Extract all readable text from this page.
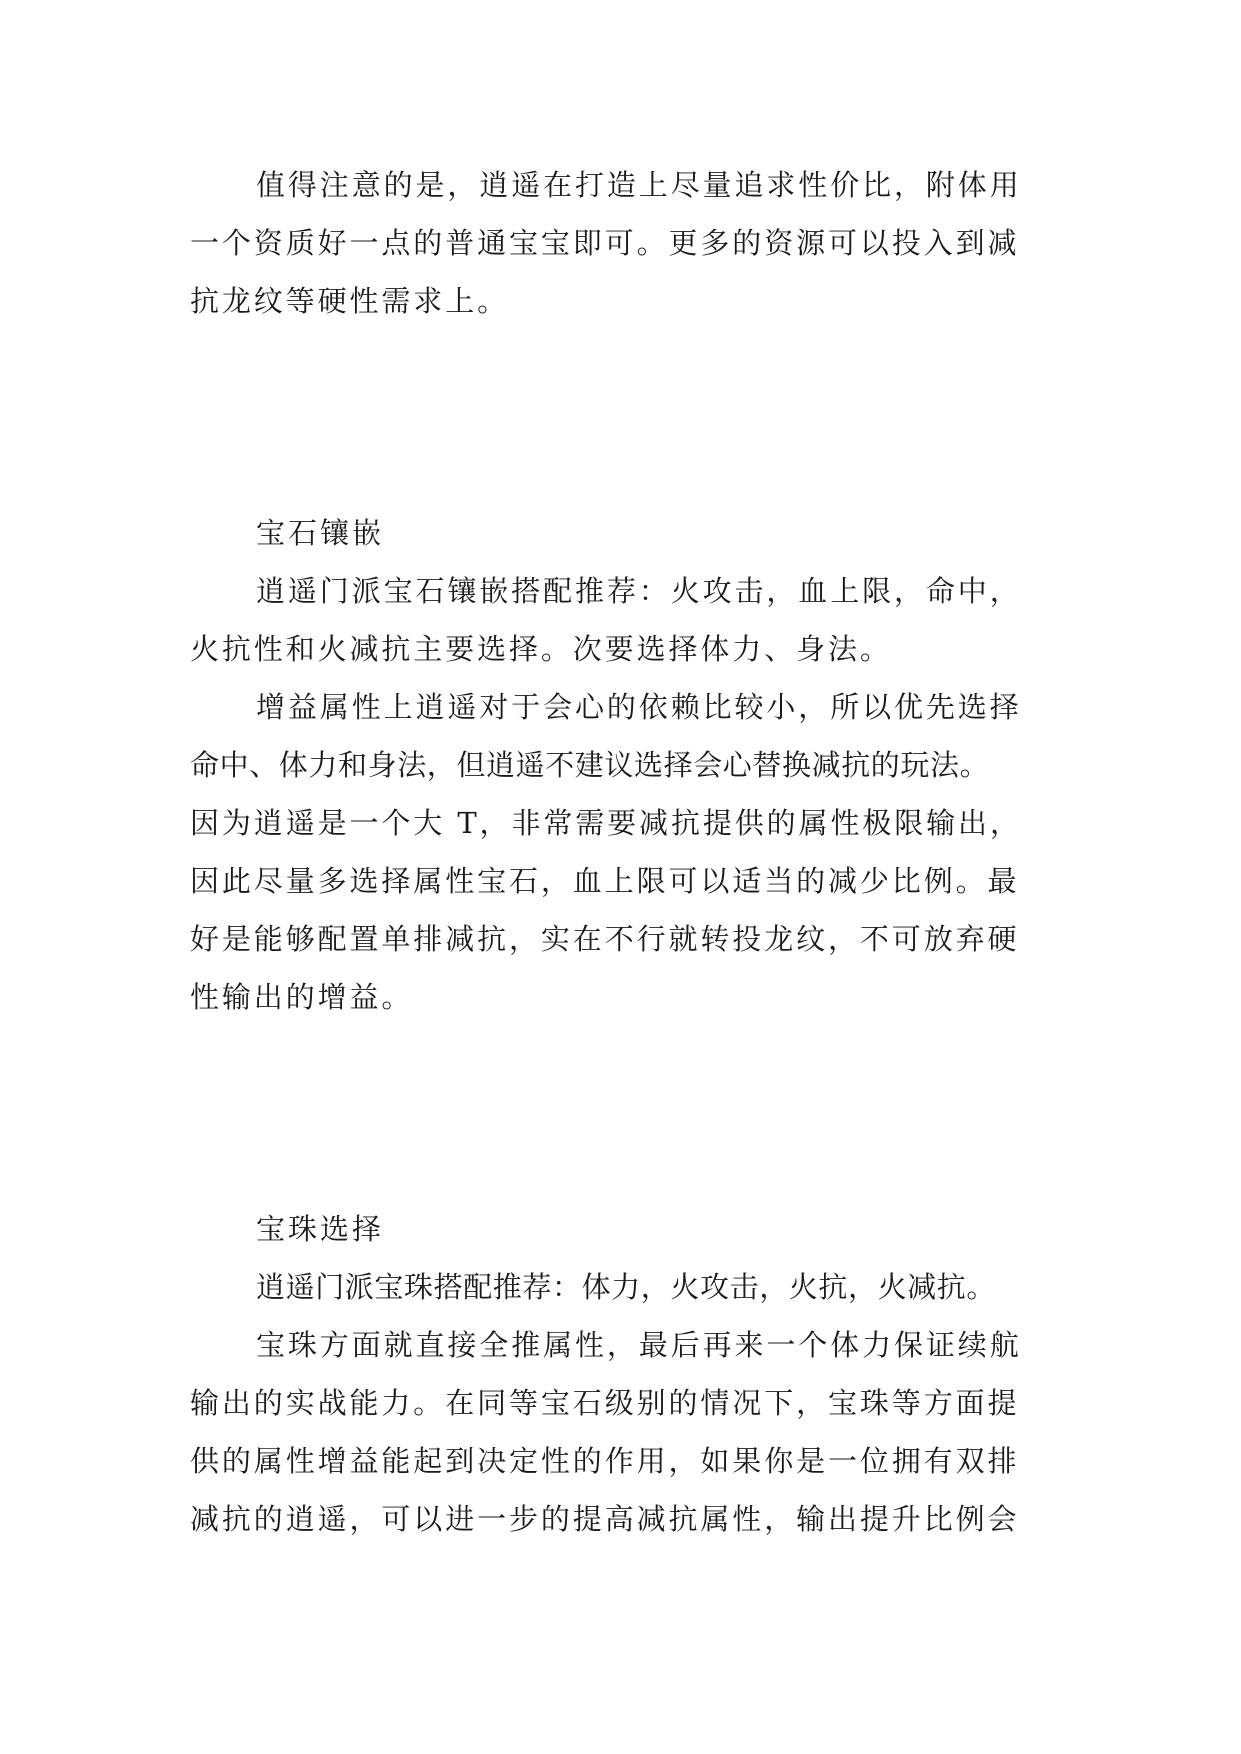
值得注意的是，逍遥在打造上尽量追求性价比，附体用
一个资质好一点的普通宝宝即可。更多的资源可以投入到减
抗龙纹等硬性需求上。
宝石镶嵌
逍遥门派宝石镶嵌搭配推荐：火攻击，血上限，命中，
火抗性和火减抗主要选择。次要选择体力、身法。
增益属性上逍遥对于会心的依赖比较小，所以优先选择
命中、体力和身法，但逍遥不建议选择会心替换减抗的玩法。
因为逍遥是一个大 T，非常需要减抗提供的属性极限输出，
因此尽量多选择属性宝石，血上限可以适当的减少比例。最
好是能够配置单排减抗，实在不行就转投龙纹，不可放弃硬
性输出的增益。
宝珠选择
逍遥门派宝珠搭配推荐：体力，火攻击，火抗，火减抗。
宝珠方面就直接全推属性，最后再来一个体力保证续航
输出的实战能力。在同等宝石级别的情况下，宝珠等方面提
供的属性增益能起到决定性的作用，如果你是一位拥有双排
减抗的逍遥，可以进一步的提高减抗属性，输出提升比例会
